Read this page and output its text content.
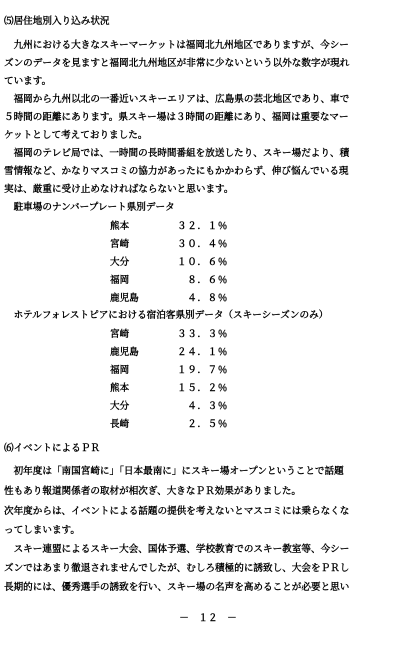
⑸居住地別入り込み状況
　九州における大きなスキーマーケットは福岡北九州地区でありますが、今シー
ズンのデータを見ますと福岡北九州地区が非常に少ないという以外な数字が現れ
ています。
　福岡から九州以北の一番近いスキーエリアは、広島県の芸北地区であり、車で
５時間の距離にあります。県スキー場は３時間の距離にあり、福岡は重要なマー
ケットとして考えておりました。
　福岡のテレビ局では、一時間の長時間番組を放送したり、スキー場だより、積
雪情報など、かなりマスコミの協力があったにもかかわらず、伸び悩んでいる現
実は、厳重に受け止めなければならないと思います。
　駐車場のナンバープレート県別データ
熊本	３２．１％
宮崎	３０．４％
大分	１０．６％
福岡	８．６％
鹿児島	４．８％
　ホテルフォレストピアにおける宿泊客県別データ（スキーシーズンのみ）
宮崎	３３．３％
鹿児島	２４．１％
福岡	１９．７％
熊本	１５．２％
大分	４．３％
長崎	２．５％
⑹イベントによるＰＲ
　初年度は「南国宮崎に」「日本最南に」にスキー場オープンということで話題
性もあり報道関係者の取材が相次ぎ、大きなＰＲ効果がありました。
次年度からは、イベントによる話題の提供を考えないとマスコミには乗らなくな
ってしまいます。
　スキー連盟によるスキー大会、国体予選、学校教育でのスキー教室等、今シー
ズンではあまり徹退されませんでしたが、むしろ積極的に誘致し、大会をＰＲし
長期的には、優秀選手の誘致を行い、スキー場の名声を高めることが必要と思い
－　１２　－
